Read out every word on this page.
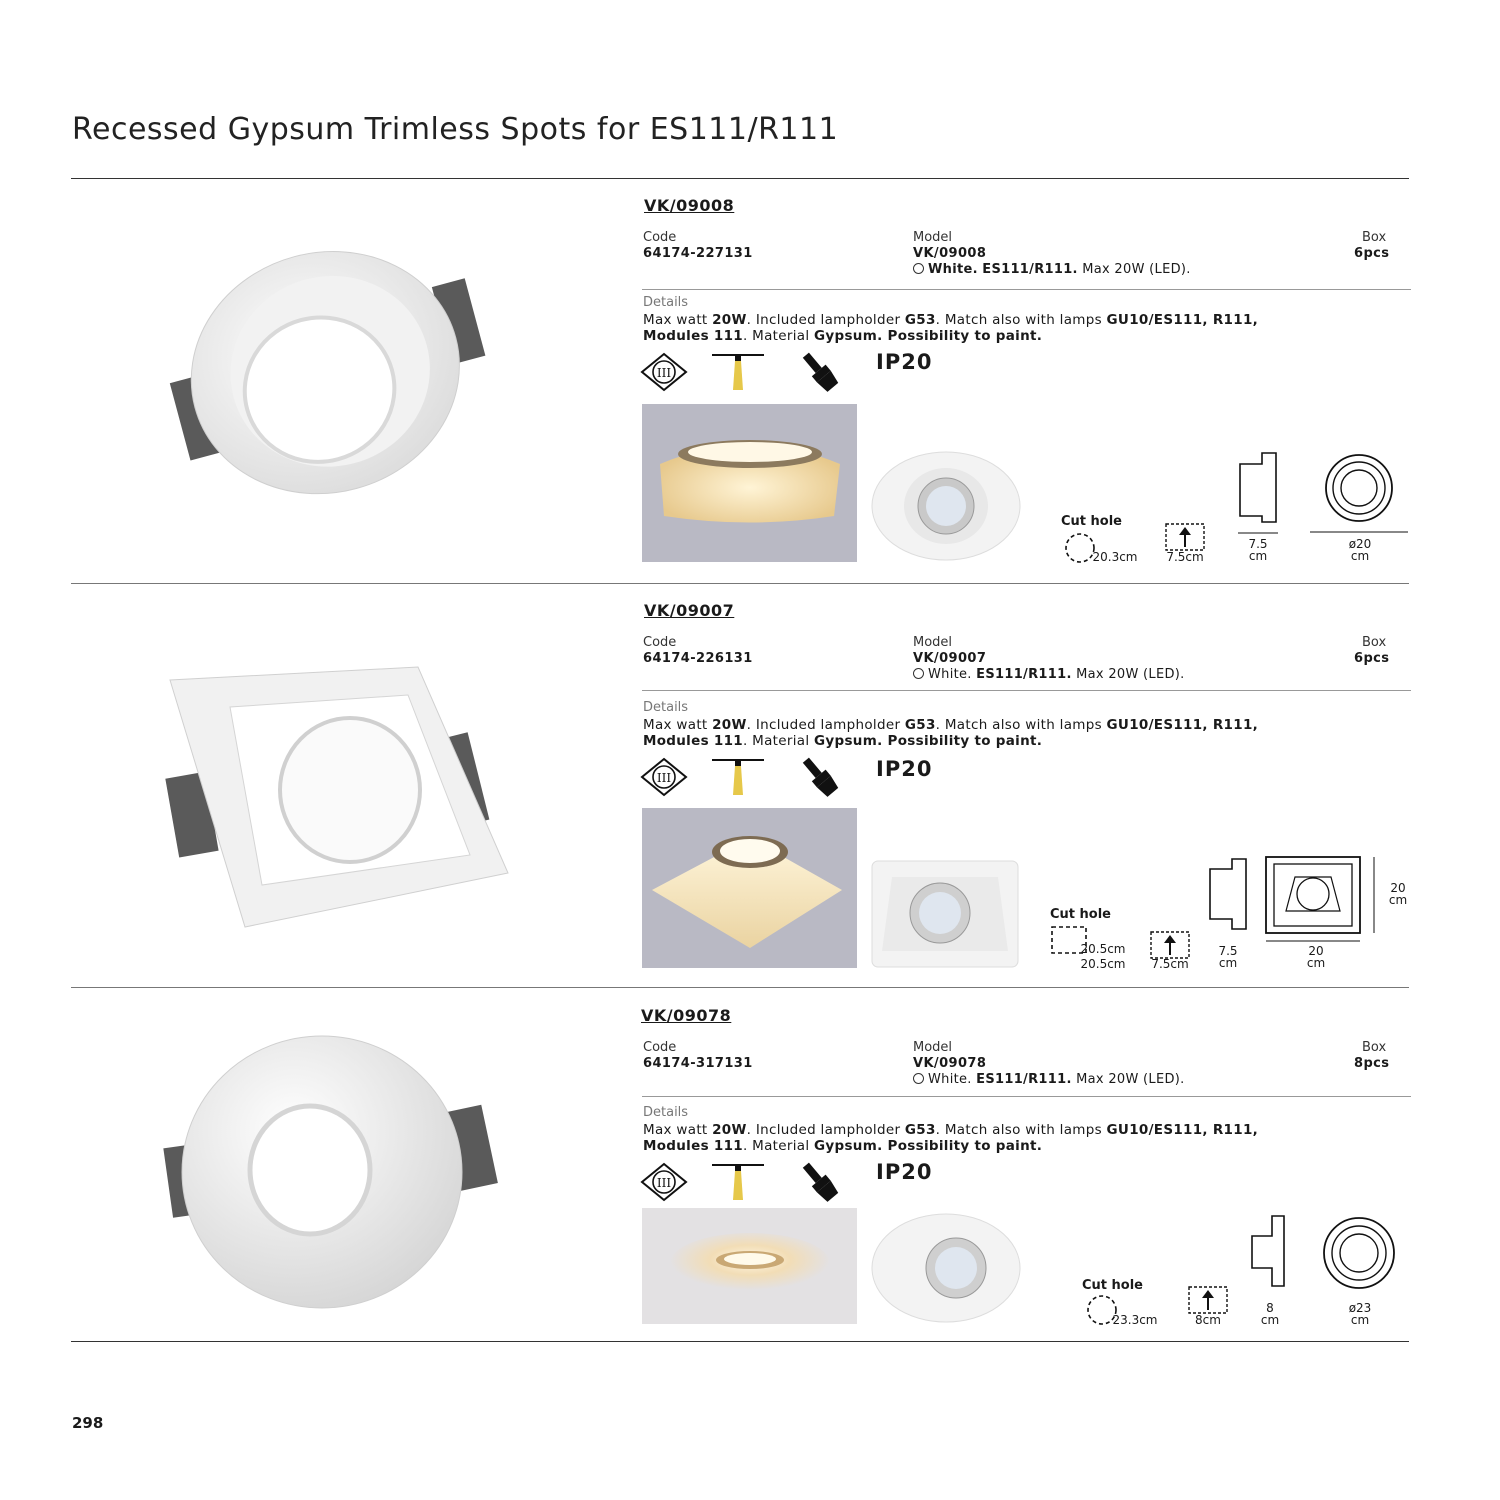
Recessed Gypsum Trimless Spots for ES111/R111
VK/09008
Code
64174-227131
Model
VK/09008
White. ES111/R111. Max 20W (LED).
Box
6pcs
Details
Max watt 20W. Included lampholder G53. Match also with lamps GU10/ES111, R111,
Modules 111. Material Gypsum. Possibility to paint.
III	IP20
Cut hole
20.3cm	7.5cm
7.5
cm
ø20
cm
VK/09007
Code
64174-226131
Model
VK/09007
White. ES111/R111. Max 20W (LED).
Box
6pcs
Details
Max watt 20W. Included lampholder G53. Match also with lamps GU10/ES111, R111,
Modules 111. Material Gypsum. Possibility to paint.
III	IP20
Cut hole
20.5cm
20.5cm	7.5cm
7.5
cm
20
cm
20
cm
VK/09078
Code
64174-317131
Model
VK/09078
White. ES111/R111. Max 20W (LED).
Box
8pcs
Details
Max watt 20W. Included lampholder G53. Match also with lamps GU10/ES111, R111,
Modules 111. Material Gypsum. Possibility to paint.
III	IP20
Cut hole
23.3cm	8cm
8
cm
ø23
cm
298
